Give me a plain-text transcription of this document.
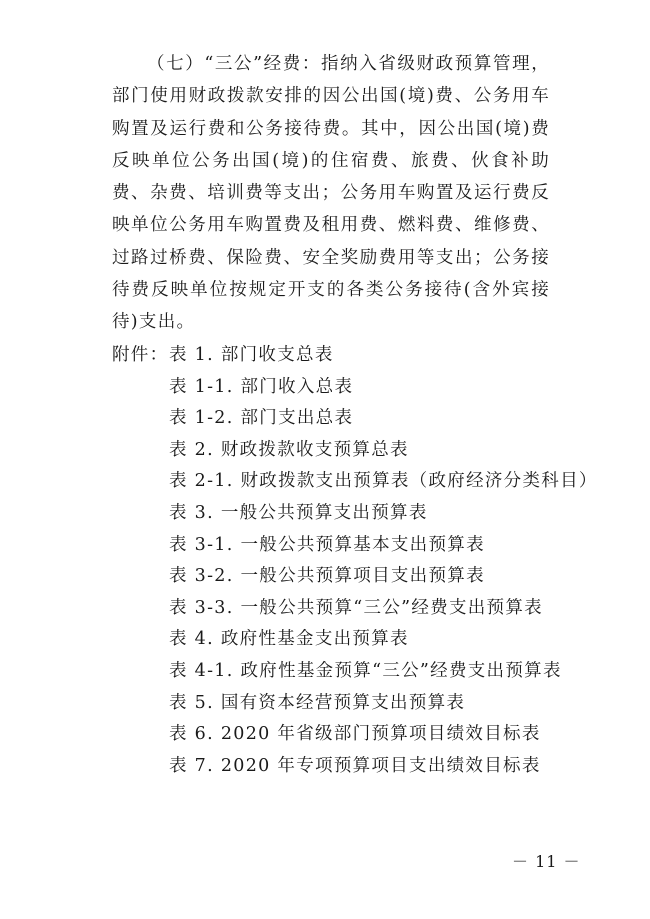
（七）“三公”经费：指纳入省级财政预算管理，部门使用财政拨款安排的因公出国(境)费、公务用车购置及运行费和公务接待费。其中，因公出国(境)费反映单位公务出国(境)的住宿费、旅费、伙食补助费、杂费、培训费等支出；公务用车购置及运行费反映单位公务用车购置费及租用费、燃料费、维修费、过路过桥费、保险费、安全奖励费用等支出；公务接待费反映单位按规定开支的各类公务接待(含外宾接待)支出。

附件： 表 1. 部门收支总表
表 1-1. 部门收入总表
表 1-2. 部门支出总表
表 2. 财政拨款收支预算总表
表 2-1. 财政拨款支出预算表（政府经济分类科目）
表 3. 一般公共预算支出预算表
表 3-1. 一般公共预算基本支出预算表
表 3-2. 一般公共预算项目支出预算表
表 3-3. 一般公共预算“三公”经费支出预算表
表 4. 政府性基金支出预算表
表 4-1. 政府性基金预算“三公”经费支出预算表
表 5. 国有资本经营预算支出预算表
表 6. 2020 年省级部门预算项目绩效目标表
表 7. 2020 年专项预算项目支出绩效目标表
－ 11 －
